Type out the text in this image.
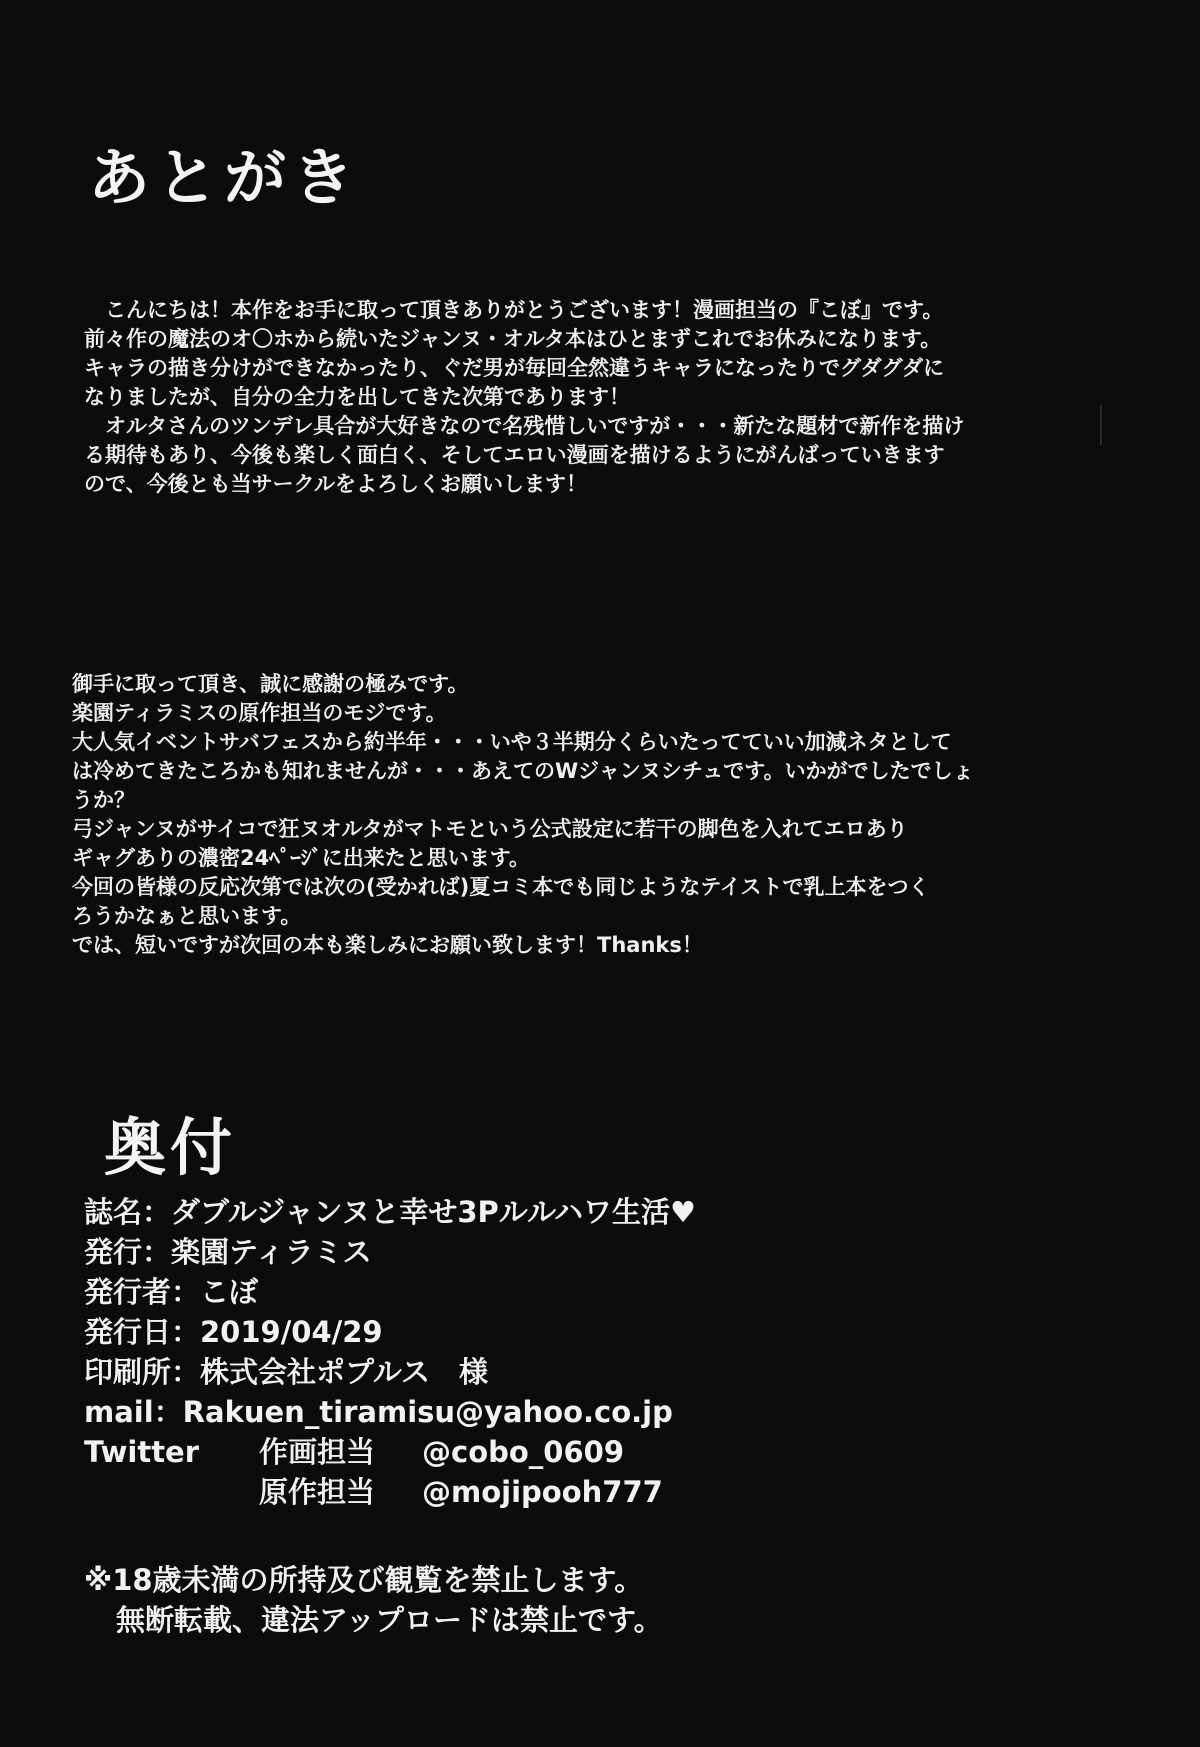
あとがき
　こんにちは！本作をお手に取って頂きありがとうございます！漫画担当の『こぼ』です。
前々作の魔法のオ〇ホから続いたジャンヌ・オルタ本はひとまずこれでお休みになります。
キャラの描き分けができなかったり、ぐだ男が毎回全然違うキャラになったりでグダグダに
なりましたが、自分の全力を出してきた次第であります！
　オルタさんのツンデレ具合が大好きなので名残惜しいですが・・・新たな題材で新作を描け
る期待もあり、今後も楽しく面白く、そしてエロい漫画を描けるようにがんばっていきます
ので、今後とも当サークルをよろしくお願いします！
御手に取って頂き、誠に感謝の極みです。
楽園ティラミスの原作担当のモジです。
大人気イベントサバフェスから約半年・・・いや３半期分くらいたってていい加減ネタとして
は冷めてきたころかも知れませんが・・・あえてのWジャンヌシチュです。いかがでしたでしょ
うか？
弓ジャンヌがサイコで狂ヌオルタがマトモという公式設定に若干の脚色を入れてエロあり
ギャグありの濃密24ﾍﾟｰｼﾞに出来たと思います。
今回の皆様の反応次第では次の(受かれば)夏コミ本でも同じようなテイストで乳上本をつく
ろうかなぁと思います。
では、短いですが次回の本も楽しみにお願い致します！Thanks！
奥付
誌名：ダブルジャンヌと幸せ3Pルルハワ生活♥
発行：楽園ティラミス
発行者：こぼ
発行日：2019/04/29
印刷所：株式会社ポプルス　様
mail：Rakuen_tiramisu@yahoo.co.jp
Twitter 作画担当 @cobo_0609
原作担当 @mojipooh777
※18歳未満の所持及び観覧を禁止します。
無断転載、違法アップロードは禁止です。
